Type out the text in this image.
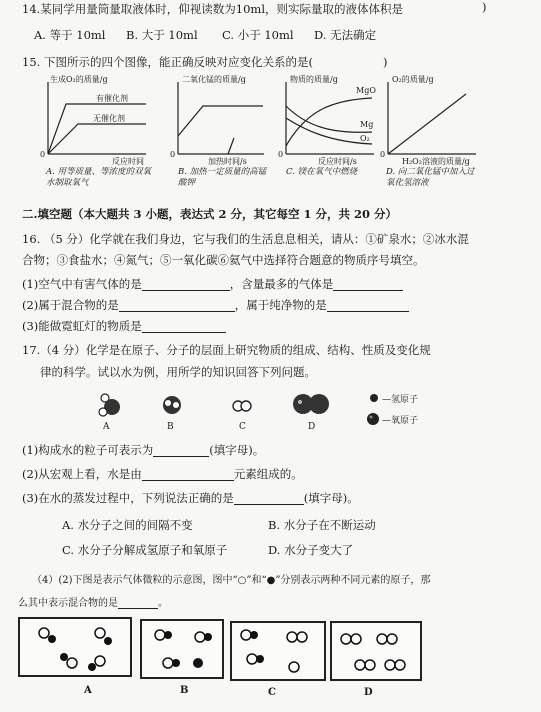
14.某同学用量筒量取液体时，仰视读数为10ml，则实际量取的液体体积是	)
A. 等于 10ml B. 大于 10ml C. 小于 10ml D. 无法确定
15. 下图所示的四个图像，能正确反映对应变化关系的是(	)
生成O₂的质量/g
有催化剂
无催化剂
0
反应时间
A. 用等质量、等浓度的双氧水制取氧气
二氧化锰的质量/g
0
加热时间/s
B. 加热一定质量的高锰酸钾
物质的质量/g
MgO
Mg
O₂
0
反应时间/s
C. 镁在氧气中燃烧
O₂的质量/g
0
H₂O₂溶液的质量/g
D. 向二氧化锰中加入过氧化氢溶液
二.填空题（本大题共 3 小题，表达式 2 分，其它每空 1 分，共 20 分）
16. （5 分）化学就在我们身边，它与我们的生活息息相关，请从：①矿泉水；②冰水混
合物；③食盐水；④氮气；⑤一氧化碳⑥氦气中选择符合题意的物质序号填空。
(1)空气中有害气体的是	，含量最多的气体是
(2)属于混合物的是	，属于纯净物的是
(3)能做霓虹灯的物质是
17.（4 分）化学是在原子、分子的层面上研究物质的组成、结构、性质及变化规
律的科学。试以水为例，用所学的知识回答下列问题。
A	B	C	D
—氢原子
—氧原子
(1)构成水的粒子可表示为	(填字母)。
(2)从宏观上看，水是由	元素组成的。
(3)在水的蒸发过程中，下列说法正确的是	(填字母)。
A. 水分子之间的间隔不变	B. 水分子在不断运动
C. 水分子分解成氢原子和氧原子	D. 水分子变大了
（4）(2)下图是表示气体微粒的示意图，图中“○”和“●”分别表示两种不同元素的原子，那
么其中表示混合物的是	。
A	B	C	D
